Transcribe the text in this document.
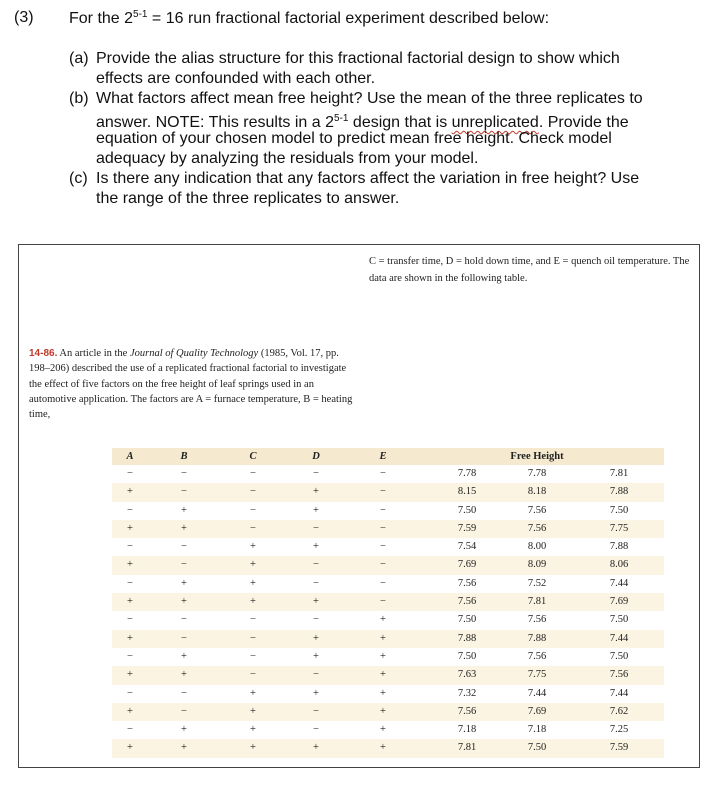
(3) For the $2^{5-1} = 16$ run fractional factorial experiment described below:
(a) Provide the alias structure for this fractional factorial design to show which
effects are confounded with each other.
(b) What factors affect mean free height? Use the mean of the three replicates to
answer. NOTE: This results in a 2$^{5-1}$ design that is unreplicated. Provide the
equation of your chosen model to predict mean free height. Check model
adequacy by analyzing the residuals from your model.
(c) Is there any indication that any factors affect the variation in free height? Use
the range of the three replicates to answer.
C = transfer time, D = hold down time, and E = quench oil temperature. The data are shown in the following table.
14-86. An article in the Journal of Quality Technology (1985, Vol. 17, pp. 198–206) described the use of a replicated fractional factorial to investigate the effect of five factors on the free height of leaf springs used in an automotive application. The factors are A = furnace temperature, B = heating time,
A	B	C	D	E	Free Height
−	−	−	−	−	7.78	7.78	7.81
+	−	−	+	−	8.15	8.18	7.88
−	+	−	+	−	7.50	7.56	7.50
+	+	−	−	−	7.59	7.56	7.75
−	−	+	+	−	7.54	8.00	7.88
+	−	+	−	−	7.69	8.09	8.06
−	+	+	−	−	7.56	7.52	7.44
+	+	+	+	−	7.56	7.81	7.69
−	−	−	−	+	7.50	7.56	7.50
+	−	−	+	+	7.88	7.88	7.44
−	+	−	+	+	7.50	7.56	7.50
+	+	−	−	+	7.63	7.75	7.56
−	−	+	+	+	7.32	7.44	7.44
+	−	+	−	+	7.56	7.69	7.62
−	+	+	−	+	7.18	7.18	7.25
+	+	+	+	+	7.81	7.50	7.59
